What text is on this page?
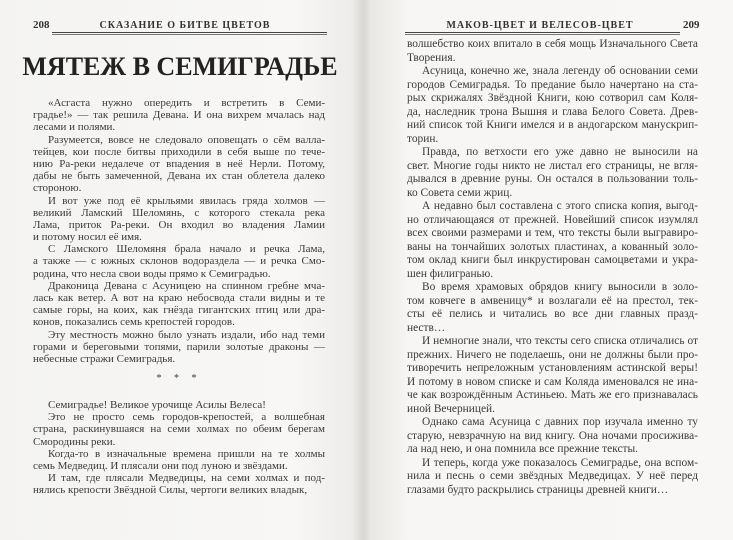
208	СКАЗАНИЕ О БИТВЕ ЦВЕТОВ
МЯТЕЖ В СЕМИГРАДЬЕ
«Асгаста нужно опередить и встретить в Семи-
градье!» — так решила Девана. И она вихрем мчалась над
лесами и полями.
Разумеется, вовсе не следовало оповещать о сём валла-
тейцев, кои после битвы приходили в себя выше по тече-
нию Ра-реки недалече от впадения в неё Нерли. Потому,
дабы не быть замеченной, Девана их стан облетела далеко
стороною.
И вот уже под её крыльями явилась гряда холмов —
великий Ламский Шеломянь, с которого стекала река
Лама, приток Ра-реки. Он входил во владения Ламии
и потому носил её имя.
С Ламского Шеломяня брала начало и речка Лама,
а также — с южных склонов водораздела — и речка Смо-
родина, что несла свои воды прямо к Семиградью.
Драконица Девана с Асуницею на спинном гребне мча-
лась как ветер. А вот на краю небосвода стали видны и те
самые горы, на коих, как гнёзда гигантских птиц или дра-
конов, показались семь крепостей городов.
Эту местность можно было узнать издали, ибо над теми
горами и береговыми топями, парили золотые драконы —
небесные стражи Семиградья.
* * *
Семиградье! Великое урочище Асилы Велеса!
Это не просто семь городов-крепостей, а волшебная
страна, раскинувшаяся на семи холмах по обеим берегам
Смородины реки.
Когда-то в изначальные времена пришли на те холмы
семь Медведиц. И плясали они под луною и звёздами.
И там, где плясали Медведицы, на семи холмах и под-
нялись крепости Звёздной Силы, чертоги великих владык,
МАКОВ-ЦВЕТ И ВЕЛЕСОВ-ЦВЕТ	209
волшебство коих впитало в себя мощь Изначального Света
Творения.
Асуница, конечно же, знала легенду об основании семи
городов Семиградья. То предание было начертано на ста-
рых скрижалях Звёздной Книги, кою сотворил сам Коля-
да, наследник трона Вышня и глава Белого Совета. Древ-
ний список той Книги имелся и в андогарском манускрип-
торин.
Правда, по ветхости его уже давно не выносили на
свет. Многие годы никто не листал его страницы, не вгля-
дывался в древние руны. Он остался в пользовании толь-
ко Совета семи жриц.
А недавно был составлена с этого списка копия, выгод-
но отличающаяся от прежней. Новейший список изумлял
всех своими размерами и тем, что тексты были выгравиро-
ваны на тончайших золотых пластинах, а кованный золо-
том оклад книги был инкрустирован самоцветами и укра-
шен филигранью.
Во время храмовых обрядов книгу выносили в золо-
том ковчеге в амвеницу* и возлагали её на престол, тек-
сты её пелись и читались во все дни главных празд-
неств…
И немногие знали, что тексты сего списка отличались от
прежних. Ничего не поделаешь, они не должны были про-
тиворечить непреложным установлениям астинской веры!
И потому в новом списке и сам Коляда именовался не ина-
че как возрождённым Астиньею. Мать же его признавалась
иной Вечерницей.
Однако сама Асуница с давних пор изучала именно ту
старую, невзрачную на вид книгу. Она ночами просижива-
ла над нею, и она помнила все прежние тексты.
И теперь, когда уже показалось Семиградье, она вспом-
нила и песнь о семи звёздных Медведицах. У неё перед
глазами будто раскрылись страницы древней книги…
